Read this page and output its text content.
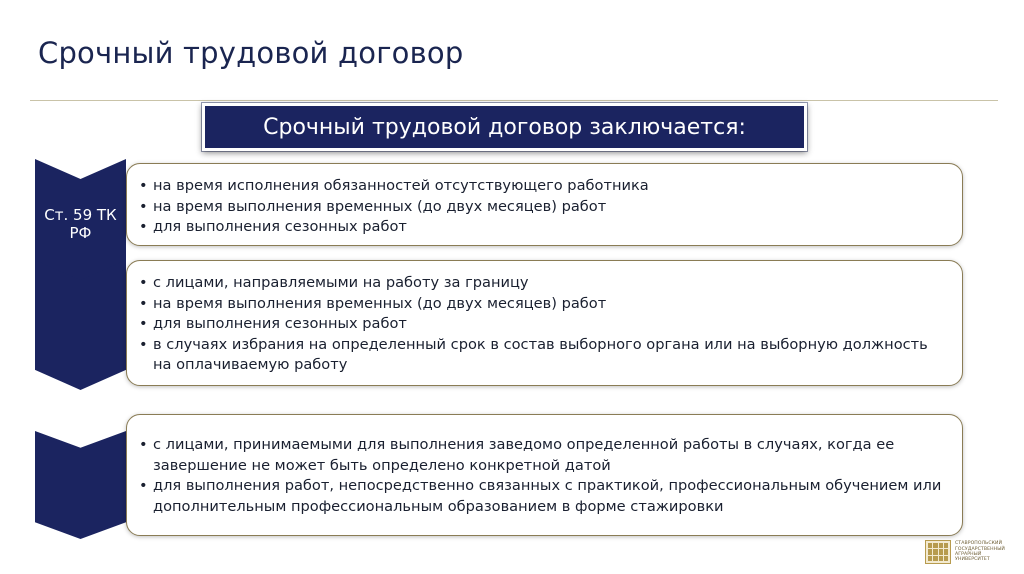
Срочный трудовой договор
Срочный трудовой договор заключается:
Ст. 59 ТК РФ
• на время исполнения обязанностей отсутствующего работника
• на время выполнения временных (до двух месяцев) работ
• для выполнения сезонных работ
• с лицами, направляемыми на работу за границу
• на время выполнения временных (до двух месяцев) работ
• для выполнения сезонных работ
• в случаях избрания на определенный срок в состав выборного органа или на выборную должность на оплачиваемую работу
• с лицами, принимаемыми для выполнения заведомо определенной работы в случаях, когда ее завершение не может быть определено конкретной датой
• для выполнения работ, непосредственно связанных с практикой, профессиональным обучением или дополнительным профессиональным образованием в форме стажировки
СТАВРОПОЛЬСКИЙ
ГОСУДАРСТВЕННЫЙ
АГРАРНЫЙ УНИВЕРСИТЕТ
